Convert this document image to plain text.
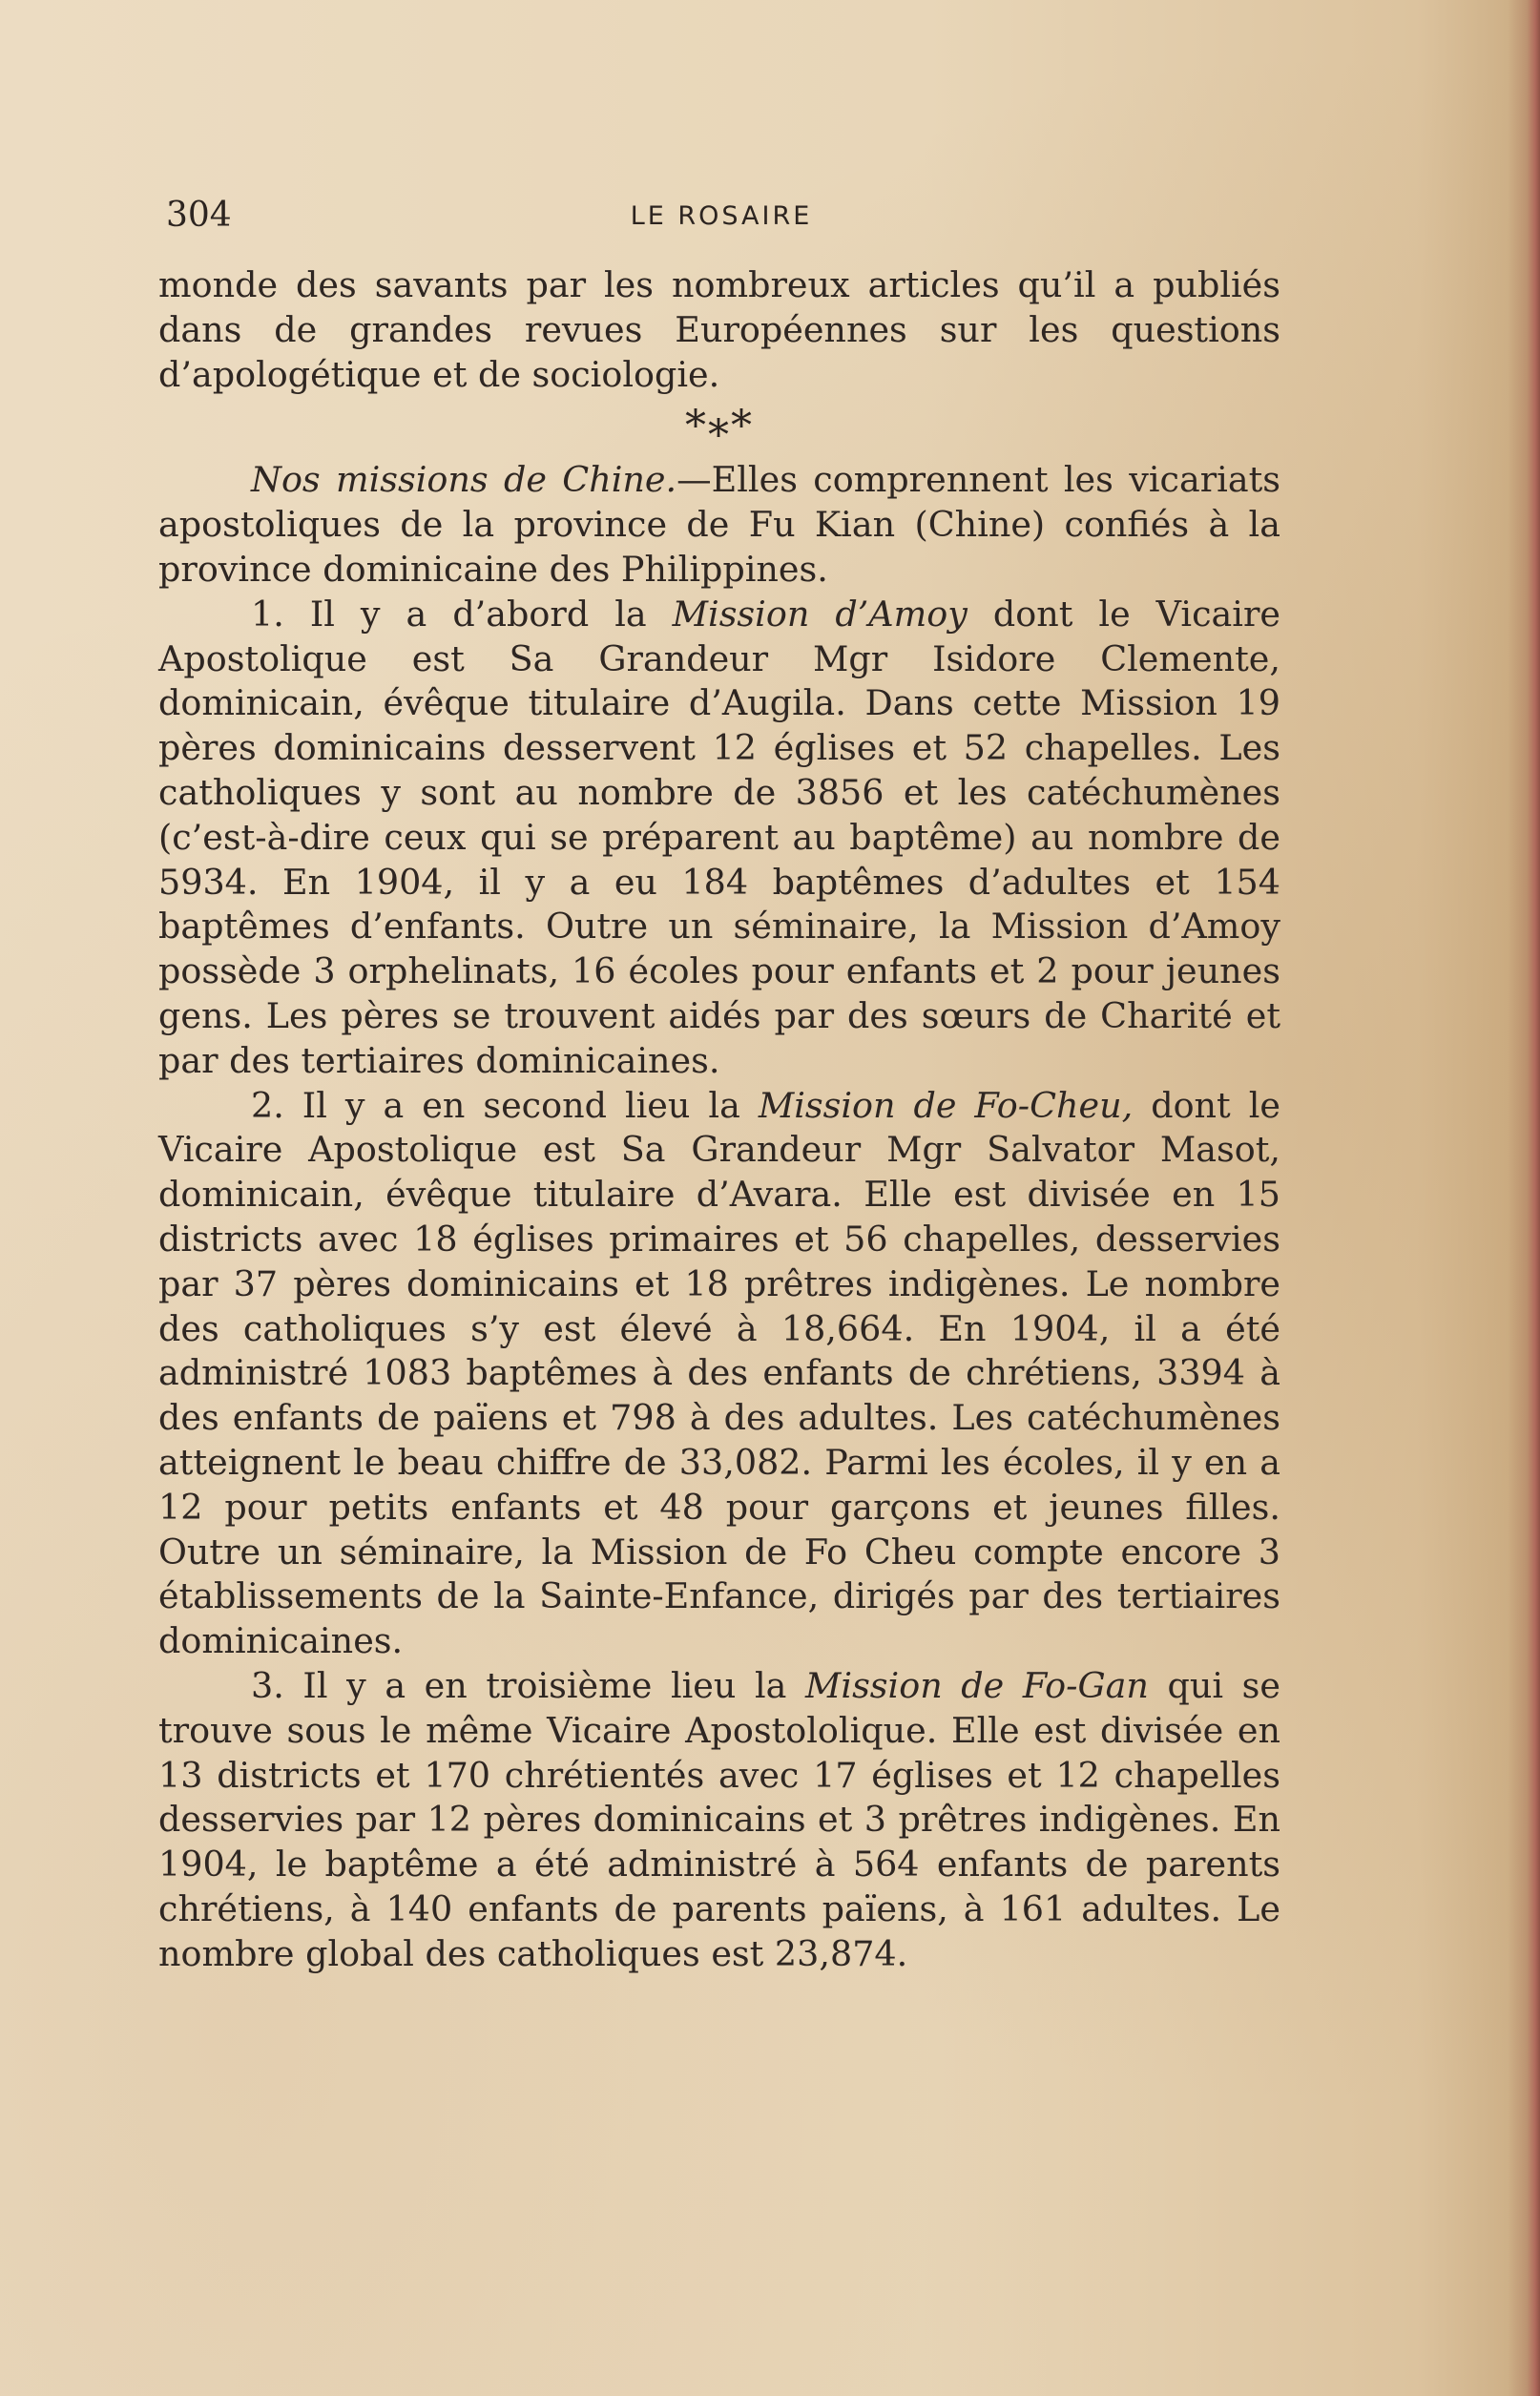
304	LE ROSAIRE

monde des savants par les nombreux articles qu’il a publiés dans de grandes revues Européennes sur les questions d’apologétique et de sociologie.

***

Nos missions de Chine.—Elles comprennent les vicariats apostoliques de la province de Fu Kian (Chine) confiés à la province dominicaine des Philippines.

1. Il y a d’abord la Mission d’Amoy dont le Vicaire Apostolique est Sa Grandeur Mgr Isidore Clemente, dominicain, évêque titulaire d’Augila. Dans cette Mission 19 pères dominicains desservent 12 églises et 52 chapelles. Les catholiques y sont au nombre de 3856 et les catéchumènes (c’est-à-dire ceux qui se préparent au baptême) au nombre de 5934. En 1904, il y a eu 184 baptêmes d’adultes et 154 baptêmes d’enfants. Outre un séminaire, la Mission d’Amoy possède 3 orphelinats, 16 écoles pour enfants et 2 pour jeunes gens. Les pères se trouvent aidés par des sœurs de Charité et par des tertiaires dominicaines.

2. Il y a en second lieu la Mission de Fo-Cheu, dont le Vicaire Apostolique est Sa Grandeur Mgr Salvator Masot, dominicain, évêque titulaire d’Avara. Elle est divisée en 15 districts avec 18 églises primaires et 56 chapelles, desservies par 37 pères dominicains et 18 prêtres indigènes. Le nombre des catholiques s’y est élevé à 18,664. En 1904, il a été administré 1083 baptêmes à des enfants de chrétiens, 3394 à des enfants de païens et 798 à des adultes. Les catéchumènes atteignent le beau chiffre de 33,082. Parmi les écoles, il y en a 12 pour petits enfants et 48 pour garçons et jeunes filles. Outre un séminaire, la Mission de Fo Cheu compte encore 3 établissements de la Sainte-Enfance, dirigés par des tertiaires dominicaines.

3. Il y a en troisième lieu la Mission de Fo-Gan qui se trouve sous le même Vicaire Apostololique. Elle est divisée en 13 districts et 170 chrétientés avec 17 églises et 12 chapelles desservies par 12 pères dominicains et 3 prêtres indigènes. En 1904, le baptême a été administré à 564 enfants de parents chrétiens, à 140 enfants de parents païens, à 161 adultes. Le nombre global des catholiques est 23,874.
